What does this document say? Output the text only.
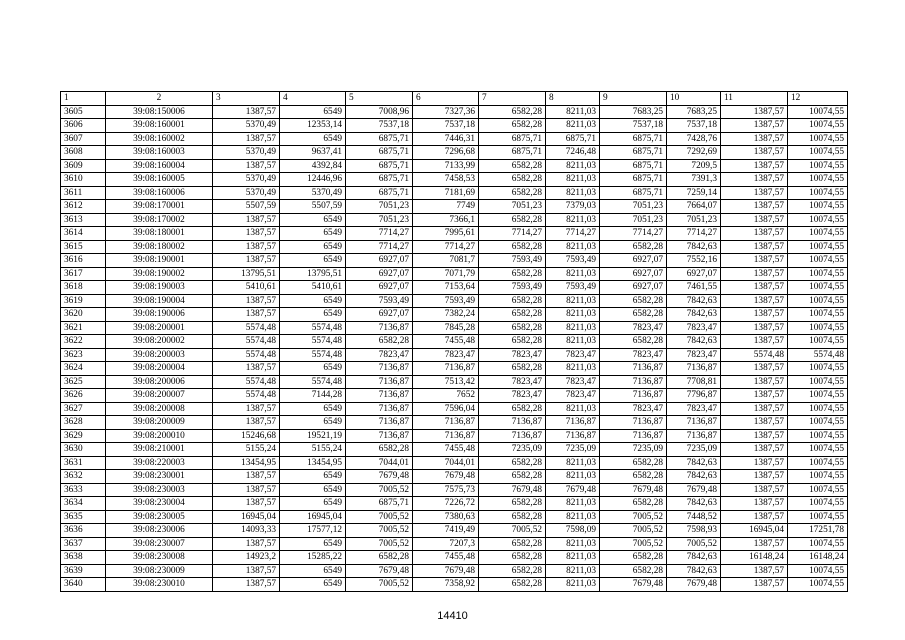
1	2	3	4	5	6	7	8	9	10	11	12
3605	39:08:150006	1387,57	6549	7008,96	7327,36	6582,28	8211,03	7683,25	7683,25	1387,57	10074,55
3606	39:08:160001	5370,49	12353,14	7537,18	7537,18	6582,28	8211,03	7537,18	7537,18	1387,57	10074,55
3607	39:08:160002	1387,57	6549	6875,71	7446,31	6875,71	6875,71	6875,71	7428,76	1387,57	10074,55
3608	39:08:160003	5370,49	9637,41	6875,71	7296,68	6875,71	7246,48	6875,71	7292,69	1387,57	10074,55
3609	39:08:160004	1387,57	4392,84	6875,71	7133,99	6582,28	8211,03	6875,71	7209,5	1387,57	10074,55
3610	39:08:160005	5370,49	12446,96	6875,71	7458,53	6582,28	8211,03	6875,71	7391,3	1387,57	10074,55
3611	39:08:160006	5370,49	5370,49	6875,71	7181,69	6582,28	8211,03	6875,71	7259,14	1387,57	10074,55
3612	39:08:170001	5507,59	5507,59	7051,23	7749	7051,23	7379,03	7051,23	7664,07	1387,57	10074,55
3613	39:08:170002	1387,57	6549	7051,23	7366,1	6582,28	8211,03	7051,23	7051,23	1387,57	10074,55
3614	39:08:180001	1387,57	6549	7714,27	7995,61	7714,27	7714,27	7714,27	7714,27	1387,57	10074,55
3615	39:08:180002	1387,57	6549	7714,27	7714,27	6582,28	8211,03	6582,28	7842,63	1387,57	10074,55
3616	39:08:190001	1387,57	6549	6927,07	7081,7	7593,49	7593,49	6927,07	7552,16	1387,57	10074,55
3617	39:08:190002	13795,51	13795,51	6927,07	7071,79	6582,28	8211,03	6927,07	6927,07	1387,57	10074,55
3618	39:08:190003	5410,61	5410,61	6927,07	7153,64	7593,49	7593,49	6927,07	7461,55	1387,57	10074,55
3619	39:08:190004	1387,57	6549	7593,49	7593,49	6582,28	8211,03	6582,28	7842,63	1387,57	10074,55
3620	39:08:190006	1387,57	6549	6927,07	7382,24	6582,28	8211,03	6582,28	7842,63	1387,57	10074,55
3621	39:08:200001	5574,48	5574,48	7136,87	7845,28	6582,28	8211,03	7823,47	7823,47	1387,57	10074,55
3622	39:08:200002	5574,48	5574,48	6582,28	7455,48	6582,28	8211,03	6582,28	7842,63	1387,57	10074,55
3623	39:08:200003	5574,48	5574,48	7823,47	7823,47	7823,47	7823,47	7823,47	7823,47	5574,48	5574,48
3624	39:08:200004	1387,57	6549	7136,87	7136,87	6582,28	8211,03	7136,87	7136,87	1387,57	10074,55
3625	39:08:200006	5574,48	5574,48	7136,87	7513,42	7823,47	7823,47	7136,87	7708,81	1387,57	10074,55
3626	39:08:200007	5574,48	7144,28	7136,87	7652	7823,47	7823,47	7136,87	7796,87	1387,57	10074,55
3627	39:08:200008	1387,57	6549	7136,87	7596,04	6582,28	8211,03	7823,47	7823,47	1387,57	10074,55
3628	39:08:200009	1387,57	6549	7136,87	7136,87	7136,87	7136,87	7136,87	7136,87	1387,57	10074,55
3629	39:08:200010	15246,68	19521,19	7136,87	7136,87	7136,87	7136,87	7136,87	7136,87	1387,57	10074,55
3630	39:08:210001	5155,24	5155,24	6582,28	7455,48	7235,09	7235,09	7235,09	7235,09	1387,57	10074,55
3631	39:08:220003	13454,95	13454,95	7044,01	7044,01	6582,28	8211,03	6582,28	7842,63	1387,57	10074,55
3632	39:08:230001	1387,57	6549	7679,48	7679,48	6582,28	8211,03	6582,28	7842,63	1387,57	10074,55
3633	39:08:230003	1387,57	6549	7005,52	7575,73	7679,48	7679,48	7679,48	7679,48	1387,57	10074,55
3634	39:08:230004	1387,57	6549	6875,71	7226,72	6582,28	8211,03	6582,28	7842,63	1387,57	10074,55
3635	39:08:230005	16945,04	16945,04	7005,52	7380,63	6582,28	8211,03	7005,52	7448,52	1387,57	10074,55
3636	39:08:230006	14093,33	17577,12	7005,52	7419,49	7005,52	7598,09	7005,52	7598,93	16945,04	17251,78
3637	39:08:230007	1387,57	6549	7005,52	7207,3	6582,28	8211,03	7005,52	7005,52	1387,57	10074,55
3638	39:08:230008	14923,2	15285,22	6582,28	7455,48	6582,28	8211,03	6582,28	7842,63	16148,24	16148,24
3639	39:08:230009	1387,57	6549	7679,48	7679,48	6582,28	8211,03	6582,28	7842,63	1387,57	10074,55
3640	39:08:230010	1387,57	6549	7005,52	7358,92	6582,28	8211,03	7679,48	7679,48	1387,57	10074,55
14410
